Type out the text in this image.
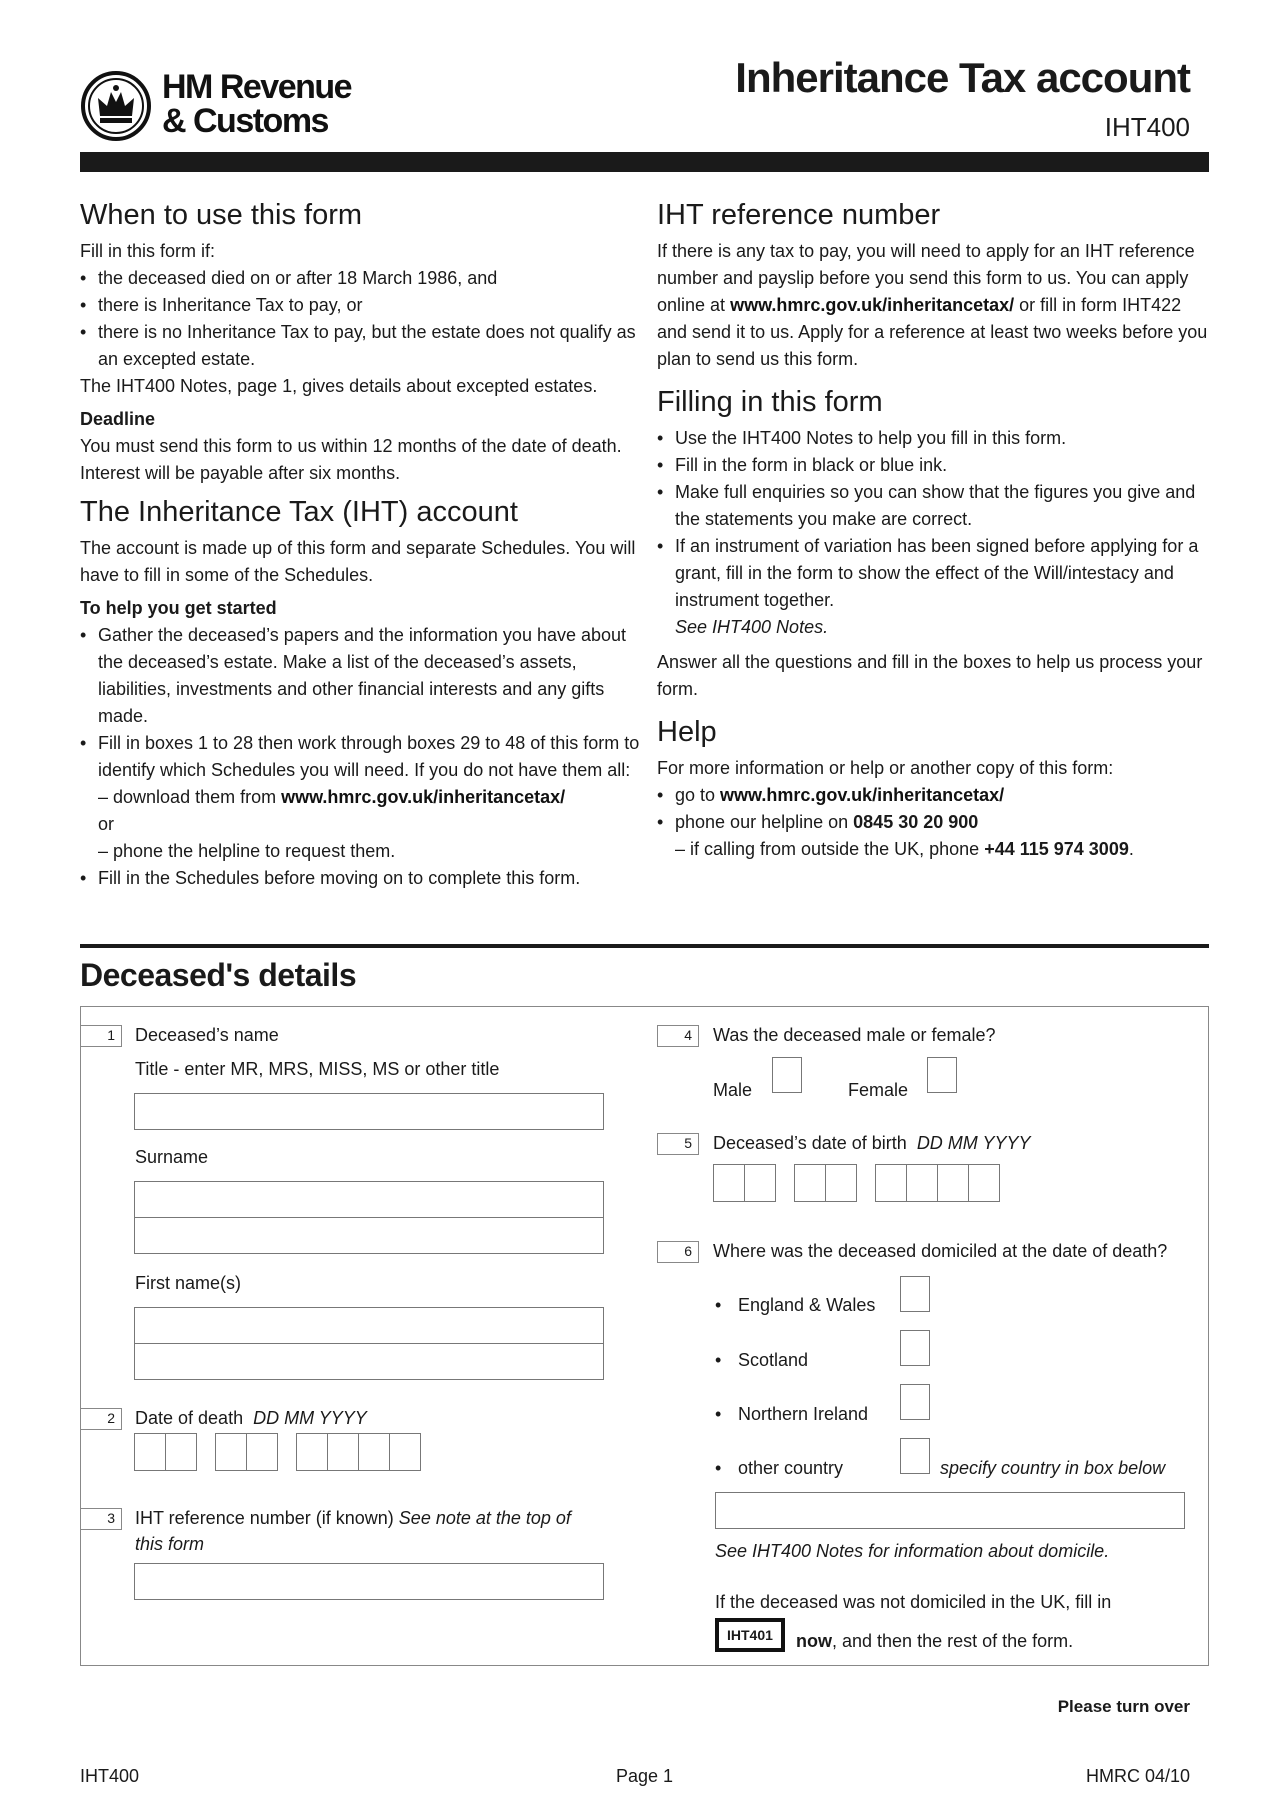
HM Revenue
& Customs
Inheritance Tax account
IHT400
When to use this form

Fill in this form if:

• the deceased died on or after 18 March 1986, and
• there is Inheritance Tax to pay, or
• there is no Inheritance Tax to pay, but the estate does not qualify as an excepted estate.

The IHT400 Notes, page 1, gives details about excepted estates.

Deadline

You must send this form to us within 12 months of the date of death. Interest will be payable after six months.

The Inheritance Tax (IHT) account

The account is made up of this form and separate Schedules. You will have to fill in some of the Schedules.

To help you get started

• Gather the deceased’s papers and the information you have about the deceased’s estate. Make a list of the deceased’s assets, liabilities, investments and other financial interests and any gifts made.
• Fill in boxes 1 to 28 then work through boxes 29 to 48 of this form to identify which Schedules you will need. If you do not have them all:
– download them from www.hmrc.gov.uk/inheritancetax/
or
– phone the helpline to request them.
• Fill in the Schedules before moving on to complete this form.
IHT reference number

If there is any tax to pay, you will need to apply for an IHT reference number and payslip before you send this form to us. You can apply online at www.hmrc.gov.uk/inheritancetax/ or fill in form IHT422 and send it to us. Apply for a reference at least two weeks before you plan to send us this form.

Filling in this form
• Use the IHT400 Notes to help you fill in this form.
• Fill in the form in black or blue ink.
• Make full enquiries so you can show that the figures you give and the statements you make are correct.
• If an instrument of variation has been signed before applying for a grant, fill in the form to show the effect of the Will/intestacy and instrument together.
See IHT400 Notes.

Answer all the questions and fill in the boxes to help us process your form.

Help

For more information or help or another copy of this form:

• go to www.hmrc.gov.uk/inheritancetax/
• phone our helpline on 0845 30 20 900
– if calling from outside the UK, phone +44 115 974 3009.
Deceased's details
1	Deceased’s name
Title - enter MR, MRS, MISS, MS or other title
Surname
First name(s)
2	Date of death DD MM YYYY
3	IHT reference number (if known) See note at the top of this form
4	Was the deceased male or female?
Male	Female
5	Deceased’s date of birth DD MM YYYY
6	Where was the deceased domiciled at the date of death?
• England & Wales
• Scotland
• Northern Ireland
• other country	specify country in box below
See IHT400 Notes for information about domicile.
If the deceased was not domiciled in the UK, fill in
IHT401	now, and then the rest of the form.
Please turn over
IHT400	Page 1	HMRC 04/10
